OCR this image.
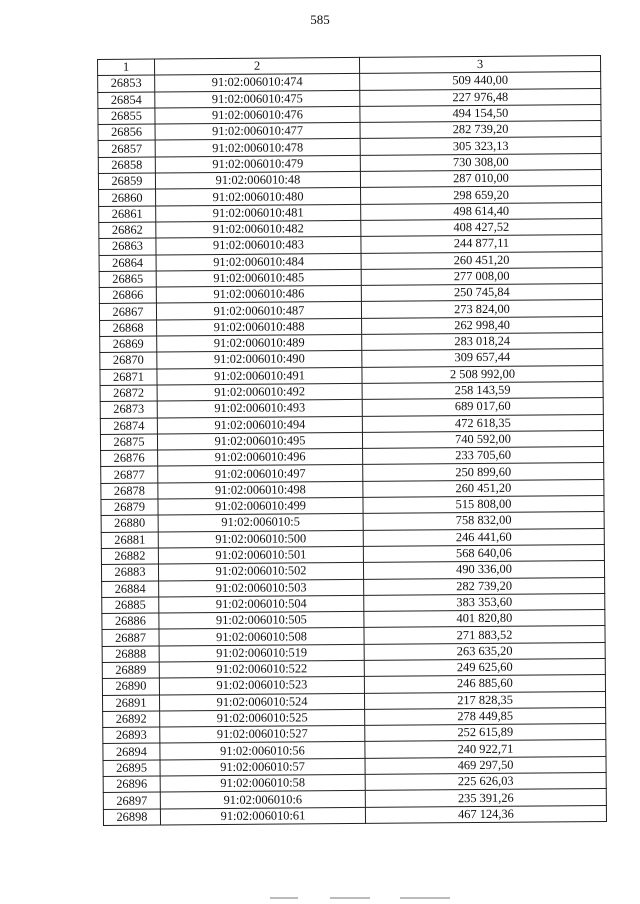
585
1	2	3
26853	91:02:006010:474	509 440,00
26854	91:02:006010:475	227 976,48
26855	91:02:006010:476	494 154,50
26856	91:02:006010:477	282 739,20
26857	91:02:006010:478	305 323,13
26858	91:02:006010:479	730 308,00
26859	91:02:006010:48	287 010,00
26860	91:02:006010:480	298 659,20
26861	91:02:006010:481	498 614,40
26862	91:02:006010:482	408 427,52
26863	91:02:006010:483	244 877,11
26864	91:02:006010:484	260 451,20
26865	91:02:006010:485	277 008,00
26866	91:02:006010:486	250 745,84
26867	91:02:006010:487	273 824,00
26868	91:02:006010:488	262 998,40
26869	91:02:006010:489	283 018,24
26870	91:02:006010:490	309 657,44
26871	91:02:006010:491	2 508 992,00
26872	91:02:006010:492	258 143,59
26873	91:02:006010:493	689 017,60
26874	91:02:006010:494	472 618,35
26875	91:02:006010:495	740 592,00
26876	91:02:006010:496	233 705,60
26877	91:02:006010:497	250 899,60
26878	91:02:006010:498	260 451,20
26879	91:02:006010:499	515 808,00
26880	91:02:006010:5	758 832,00
26881	91:02:006010:500	246 441,60
26882	91:02:006010:501	568 640,06
26883	91:02:006010:502	490 336,00
26884	91:02:006010:503	282 739,20
26885	91:02:006010:504	383 353,60
26886	91:02:006010:505	401 820,80
26887	91:02:006010:508	271 883,52
26888	91:02:006010:519	263 635,20
26889	91:02:006010:522	249 625,60
26890	91:02:006010:523	246 885,60
26891	91:02:006010:524	217 828,35
26892	91:02:006010:525	278 449,85
26893	91:02:006010:527	252 615,89
26894	91:02:006010:56	240 922,71
26895	91:02:006010:57	469 297,50
26896	91:02:006010:58	225 626,03
26897	91:02:006010:6	235 391,26
26898	91:02:006010:61	467 124,36
